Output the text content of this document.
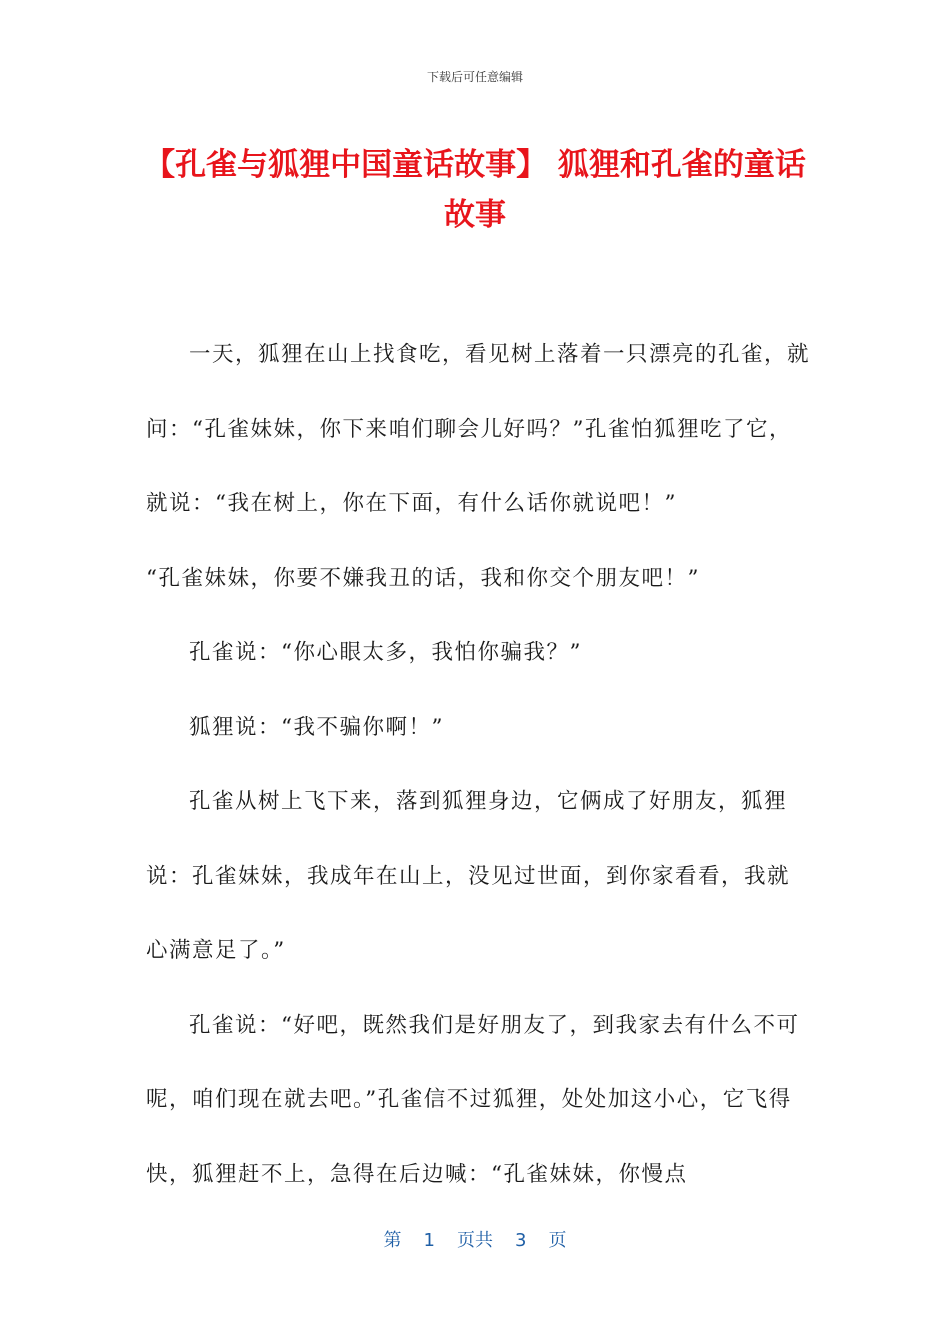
下载后可任意编辑
【孔雀与狐狸中国童话故事】 狐狸和孔雀的童话故事

一天，狐狸在山上找食吃，看见树上落着一只漂亮的孔雀，就问：“孔雀妹妹，你下来咱们聊会儿好吗？”孔雀怕狐狸吃了它，就说：“我在树上，你在下面，有什么话你就说吧！”

“孔雀妹妹，你要不嫌我丑的话，我和你交个朋友吧！”

孔雀说：“你心眼太多，我怕你骗我？”

狐狸说：“我不骗你啊！”

孔雀从树上飞下来，落到狐狸身边，它俩成了好朋友，狐狸说：孔雀妹妹，我成年在山上，没见过世面，到你家看看，我就心满意足了。”

孔雀说：“好吧，既然我们是好朋友了，到我家去有什么不可呢，咱们现在就去吧。”孔雀信不过狐狸，处处加这小心，它飞得快，狐狸赶不上，急得在后边喊：“孔雀妹妹，你慢点

第 1 页共 3 页
